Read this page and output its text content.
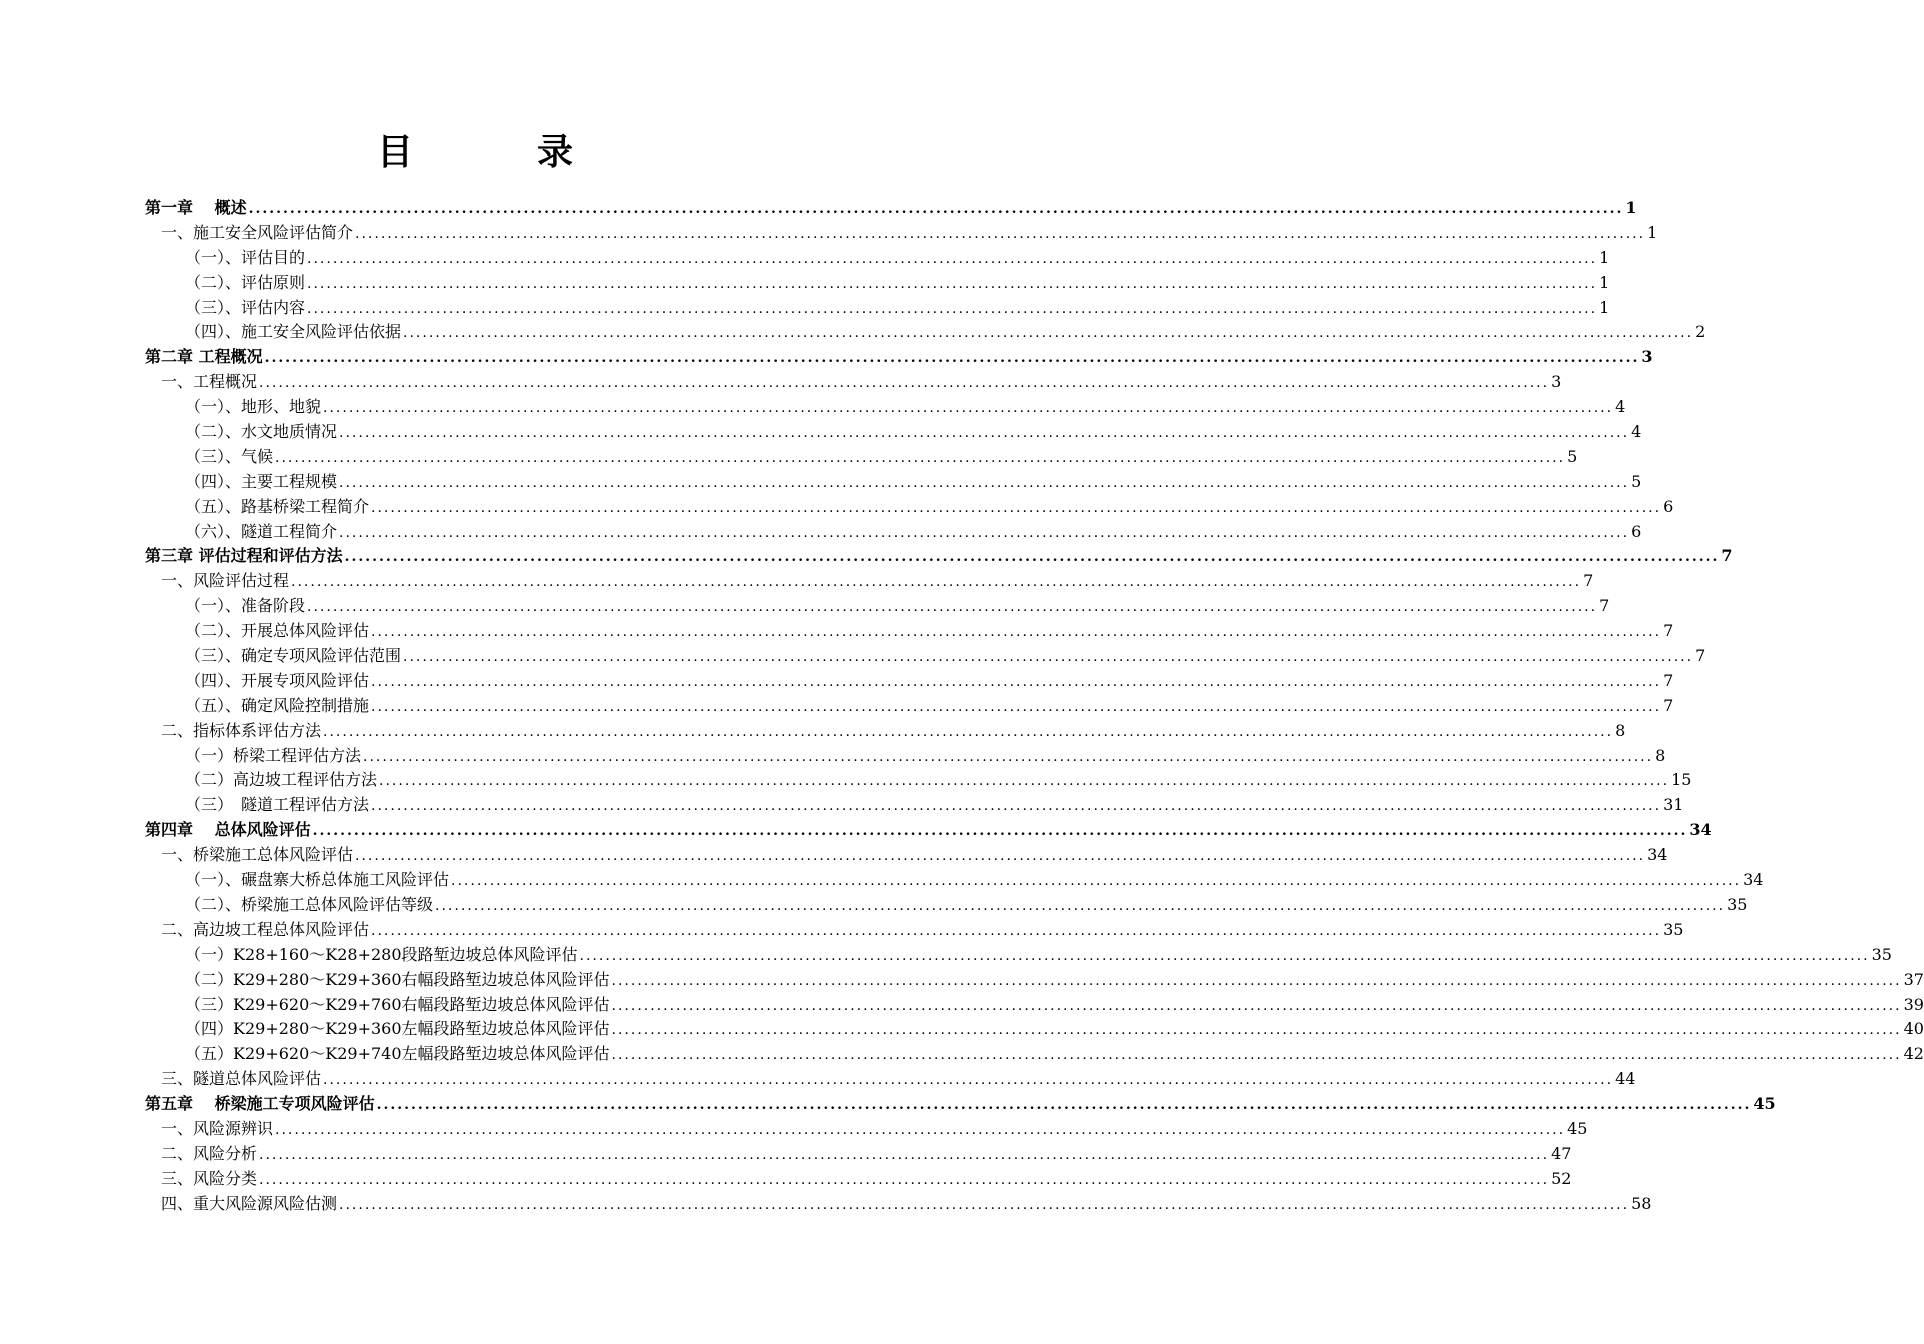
目　录
第一章　 概述 ........................................................................................................................................................................................................ 1
一、施工安全风险评估简介 ........................................................................................................................................................................................................ 1
（一）、评估目的 ........................................................................................................................................................................................................ 1
（二）、评估原则 ........................................................................................................................................................................................................ 1
（三）、评估内容 ........................................................................................................................................................................................................ 1
（四）、施工安全风险评估依据 ........................................................................................................................................................................................................ 2
第二章 工程概况 ........................................................................................................................................................................................................ 3
一、工程概况 ........................................................................................................................................................................................................ 3
（一）、地形、地貌 ........................................................................................................................................................................................................ 4
（二）、水文地质情况 ........................................................................................................................................................................................................ 4
（三）、气候 ........................................................................................................................................................................................................ 5
（四）、主要工程规模 ........................................................................................................................................................................................................ 5
（五）、路基桥梁工程简介 ........................................................................................................................................................................................................ 6
（六）、隧道工程简介 ........................................................................................................................................................................................................ 6
第三章 评估过程和评估方法 ........................................................................................................................................................................................................ 7
一、风险评估过程 ........................................................................................................................................................................................................ 7
（一）、准备阶段 ........................................................................................................................................................................................................ 7
（二）、开展总体风险评估 ........................................................................................................................................................................................................ 7
（三）、确定专项风险评估范围 ........................................................................................................................................................................................................ 7
（四）、开展专项风险评估 ........................................................................................................................................................................................................ 7
（五）、确定风险控制措施 ........................................................................................................................................................................................................ 7
二、指标体系评估方法 ........................................................................................................................................................................................................ 8
（一）桥梁工程评估方法 ........................................................................................................................................................................................................ 8
（二）高边坡工程评估方法 ........................................................................................................................................................................................................ 15
（三）　隧道工程评估方法 ........................................................................................................................................................................................................ 31
第四章　 总体风险评估 ........................................................................................................................................................................................................ 34
一、桥梁施工总体风险评估 ........................................................................................................................................................................................................ 34
（一）、碾盘寨大桥总体施工风险评估 ........................................................................................................................................................................................................ 34
（二）、桥梁施工总体风险评估等级 ........................................................................................................................................................................................................ 35
二、高边坡工程总体风险评估 ........................................................................................................................................................................................................ 35
（一）K28+160～K28+280段路堑边坡总体风险评估 ........................................................................................................................................................................................................ 35
（二）K29+280～K29+360右幅段路堑边坡总体风险评估 ........................................................................................................................................................................................................ 37
（三）K29+620～K29+760右幅段路堑边坡总体风险评估 ........................................................................................................................................................................................................ 39
（四）K29+280～K29+360左幅段路堑边坡总体风险评估 ........................................................................................................................................................................................................ 40
（五）K29+620～K29+740左幅段路堑边坡总体风险评估 ........................................................................................................................................................................................................ 42
三、隧道总体风险评估 ........................................................................................................................................................................................................ 44
第五章　 桥梁施工专项风险评估 ........................................................................................................................................................................................................ 45
一、风险源辨识 ........................................................................................................................................................................................................ 45
二、风险分析 ........................................................................................................................................................................................................ 47
三、风险分类 ........................................................................................................................................................................................................ 52
四、重大风险源风险估测 ........................................................................................................................................................................................................ 58
